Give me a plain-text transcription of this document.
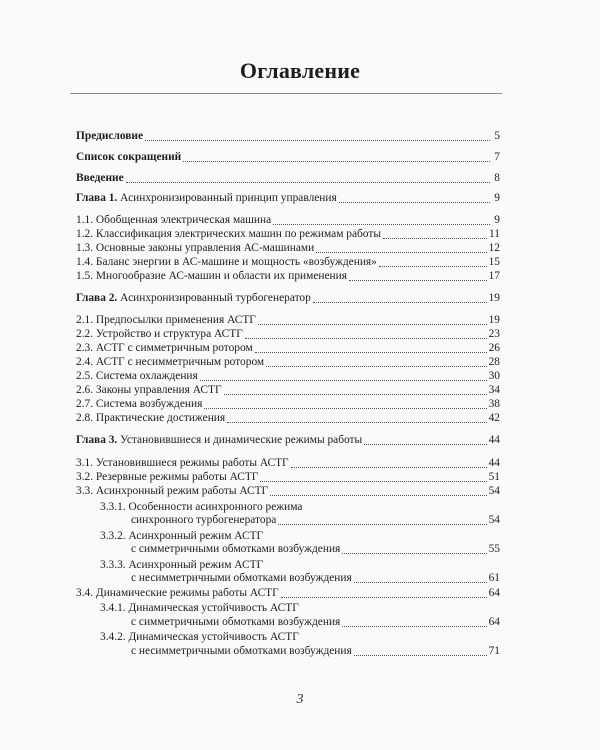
Оглавление
Предисловие	5
Список сокращений	7
Введение	8
Глава 1. Асинхронизированный принцип управления	9
1.1. Обобщенная электрическая машина	9
1.2. Классификация электрических машин по режимам работы	11
1.3. Основные законы управления АС-машинами	12
1.4. Баланс энергии в АС-машине и мощность «возбуждения»	15
1.5. Многообразие АС-машин и области их применения	17
Глава 2. Асинхронизированный турбогенератор	19
2.1. Предпосылки применения АСТГ	19
2.2. Устройство и структура АСТГ	23
2.3. АСТГ с симметричным ротором	26
2.4. АСТГ с несимметричным ротором	28
2.5. Система охлаждения	30
2.6. Законы управления АСТГ	34
2.7. Система возбуждения	38
2.8. Практические достижения	42
Глава 3. Установившиеся и динамические режимы работы	44
3.1. Установившиеся режимы работы АСТГ	44
3.2. Резервные режимы работы АСТГ	51
3.3. Асинхронный режим работы АСТГ	54
3.3.1. Особенности асинхронного режима
синхронного турбогенератора	54
3.3.2. Асинхронный режим АСТГ
с симметричными обмотками возбуждения	55
3.3.3. Асинхронный режим АСТГ
с несимметричными обмотками возбуждения	61
3.4. Динамические режимы работы АСТГ	64
3.4.1. Динамическая устойчивость АСТГ
с симметричными обмотками возбуждения	64
3.4.2. Динамическая устойчивость АСТГ
с несимметричными обмотками возбуждения	71
3
